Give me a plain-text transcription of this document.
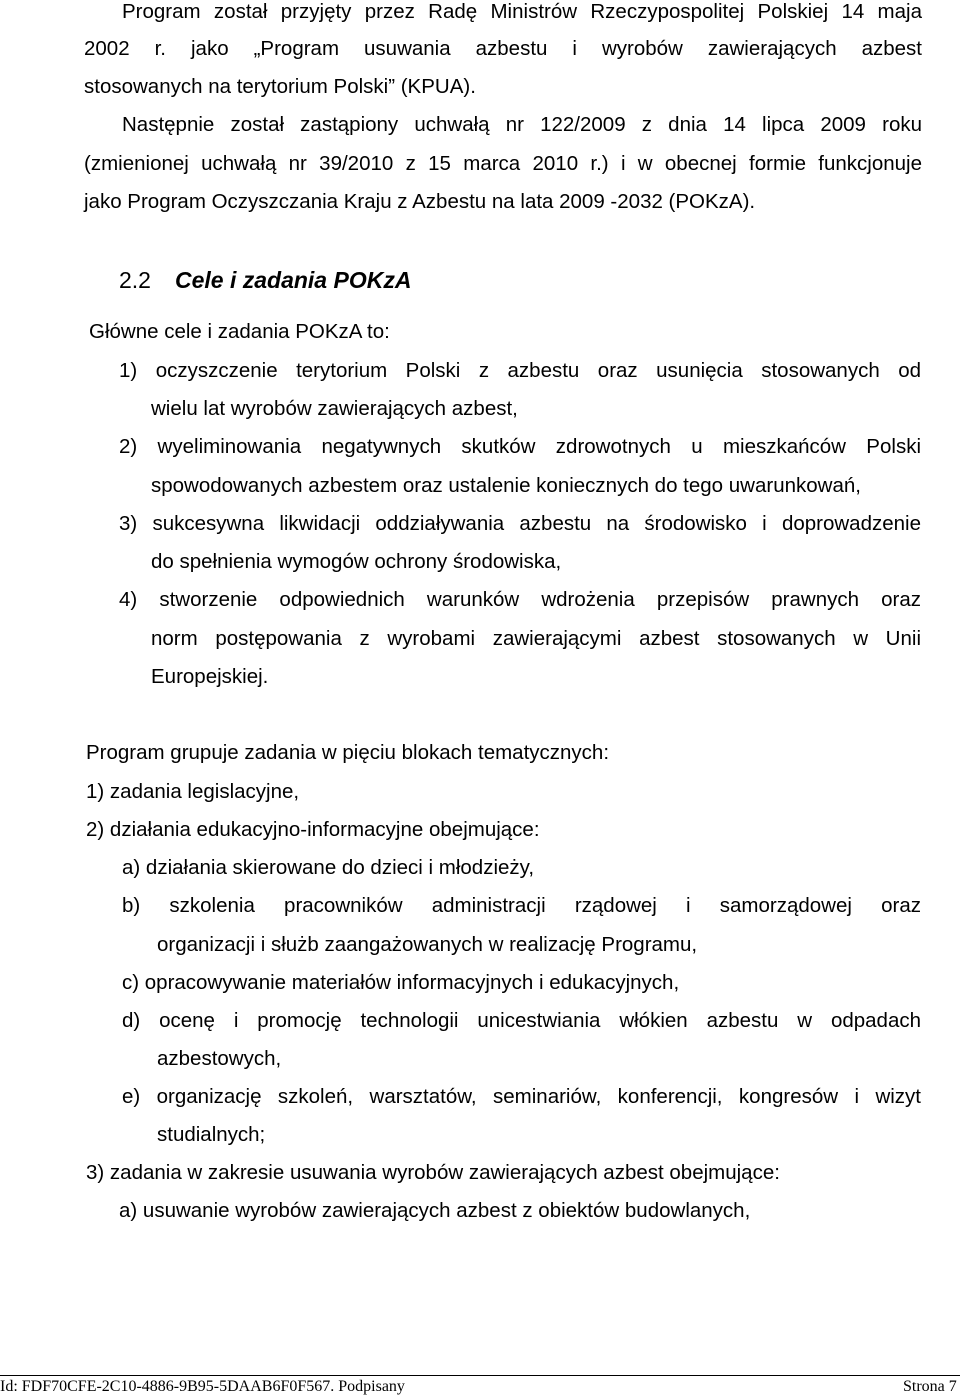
Program został przyjęty przez Radę Ministrów Rzeczypospolitej Polskiej 14 maja
2002 r. jako „Program usuwania azbestu i wyrobów zawierających azbest
stosowanych na terytorium Polski” (KPUA).
Następnie został zastąpiony uchwałą nr 122/2009 z dnia 14 lipca 2009 roku
(zmienionej uchwałą nr 39/2010 z 15 marca 2010 r.) i w obecnej formie funkcjonuje
jako Program Oczyszczania Kraju z Azbestu na lata 2009 -2032 (POKzA).
2.2 Cele i zadania POKzA
Główne cele i zadania POKzA to:
1) oczyszczenie terytorium Polski z azbestu oraz usunięcia stosowanych od
wielu lat wyrobów zawierających azbest,
2) wyeliminowania negatywnych skutków zdrowotnych u mieszkańców Polski
spowodowanych azbestem oraz ustalenie koniecznych do tego uwarunkowań,
3) sukcesywna likwidacji oddziaływania azbestu na środowisko i doprowadzenie
do spełnienia wymogów ochrony środowiska,
4) stworzenie odpowiednich warunków wdrożenia przepisów prawnych oraz
norm postępowania z wyrobami zawierającymi azbest stosowanych w Unii
Europejskiej.
Program grupuje zadania w pięciu blokach tematycznych:
1) zadania legislacyjne,
2) działania edukacyjno-informacyjne obejmujące:
a) działania skierowane do dzieci i młodzieży,
b) szkolenia pracowników administracji rządowej i samorządowej oraz
organizacji i służb zaangażowanych w realizację Programu,
c) opracowywanie materiałów informacyjnych i edukacyjnych,
d) ocenę i promocję technologii unicestwiania włókien azbestu w odpadach
azbestowych,
e) organizację szkoleń, warsztatów, seminariów, konferencji, kongresów i wizyt
studialnych;
3) zadania w zakresie usuwania wyrobów zawierających azbest obejmujące:
a) usuwanie wyrobów zawierających azbest z obiektów budowlanych,
Id: FDF70CFE-2C10-4886-9B95-5DAAB6F0F567. Podpisany	Strona 7
